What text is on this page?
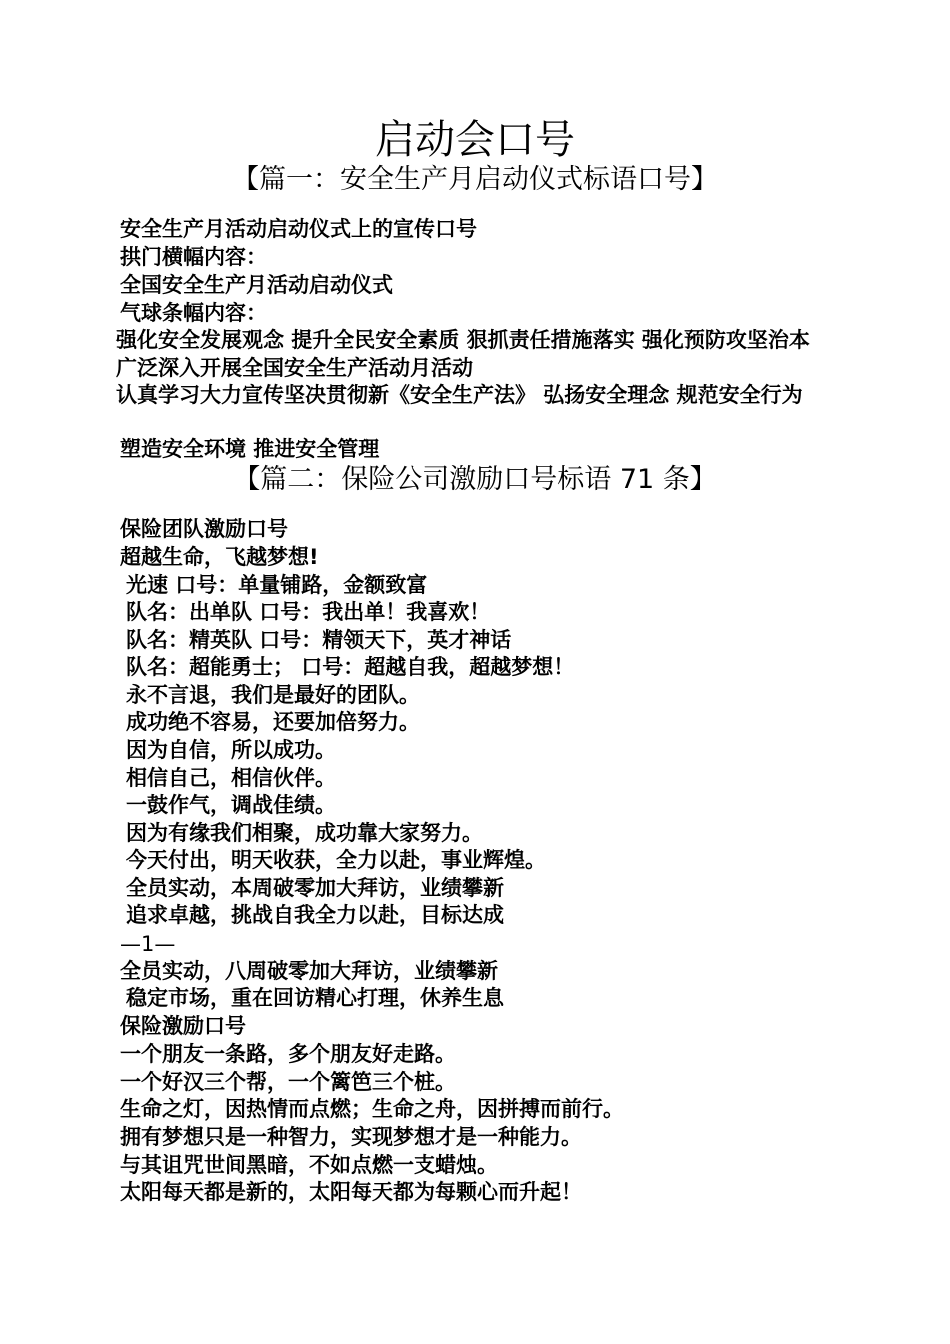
启动会口号
【篇一：安全生产月启动仪式标语口号】
安全生产月活动启动仪式上的宣传口号
拱门横幅内容：
全国安全生产月活动启动仪式
气球条幅内容：
强化安全发展观念 提升全民安全素质 狠抓责任措施落实 强化预防攻坚治本 广泛深入开展全国安全生产活动月活动
认真学习大力宣传坚决贯彻新《安全生产法》 弘扬安全理念 规范安全行为
塑造安全环境 推进安全管理
【篇二：保险公司激励口号标语 71 条】
保险团队激励口号
超越生命，飞越梦想!
光速 口号：单量铺路，金额致富
队名：出单队 口号：我出单！我喜欢！
队名：精英队 口号：精领天下，英才神话
队名：超能勇士； 口号：超越自我，超越梦想！
永不言退，我们是最好的团队。
成功绝不容易，还要加倍努力。
因为自信，所以成功。
相信自己，相信伙伴。
一鼓作气，调战佳绩。
因为有缘我们相聚，成功靠大家努力。
今天付出，明天收获，全力以赴，事业辉煌。
全员实动，本周破零加大拜访，业绩攀新
追求卓越，挑战自我全力以赴，目标达成
—1—
全员实动，八周破零加大拜访，业绩攀新
稳定市场，重在回访精心打理，休养生息
保险激励口号
一个朋友一条路，多个朋友好走路。
一个好汉三个帮，一个篱笆三个桩。
生命之灯，因热情而点燃；生命之舟，因拼搏而前行。
拥有梦想只是一种智力，实现梦想才是一种能力。
与其诅咒世间黑暗，不如点燃一支蜡烛。
太阳每天都是新的，太阳每天都为每颗心而升起！
